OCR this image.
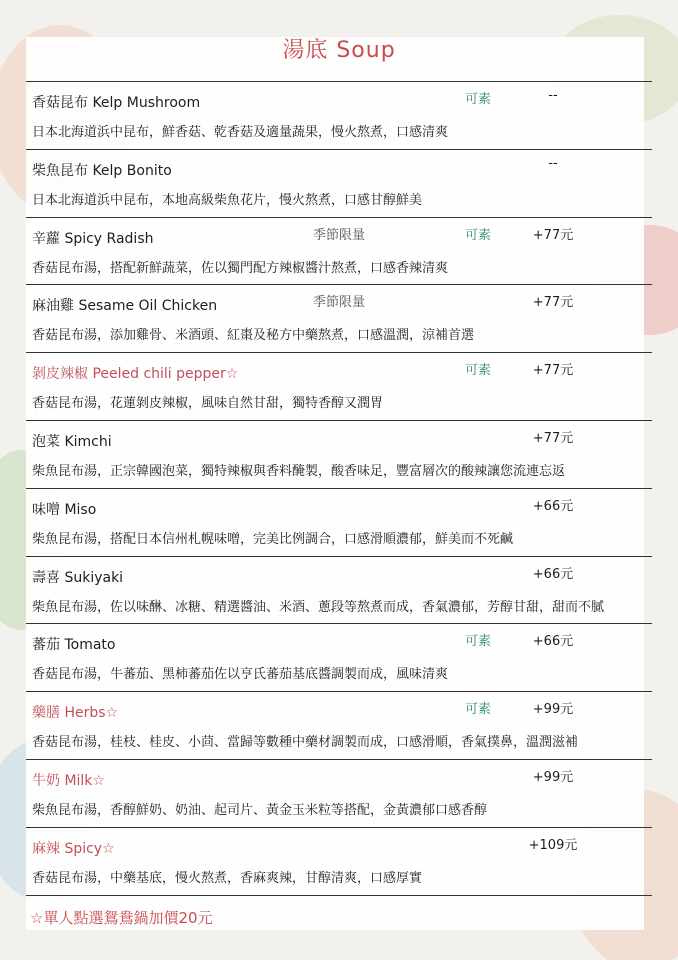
湯底 Soup
香菇昆布 Kelp Mushroom	可素	--
日本北海道浜中昆布，鮮香菇、乾香菇及適量蔬果，慢火熬煮，口感清爽
柴魚昆布 Kelp Bonito	--
日本北海道浜中昆布，本地高級柴魚花片，慢火熬煮，口感甘醇鮮美
辛蘿 Spicy Radish	季節限量	可素	+77元
香菇昆布湯，搭配新鮮蔬菜，佐以獨門配方辣椒醬汁熬煮，口感香辣清爽
麻油雞 Sesame Oil Chicken	季節限量	+77元
香菇昆布湯，添加雞骨、米酒頭、紅棗及秘方中藥熬煮，口感溫潤，涼補首選
剝皮辣椒 Peeled chili pepper☆	可素	+77元
香菇昆布湯，花蓮剝皮辣椒，風味自然甘甜，獨特香醇又潤胃
泡菜 Kimchi	+77元
柴魚昆布湯，正宗韓國泡菜，獨特辣椒與香料醃製，酸香味足，豐富層次的酸辣讓您流連忘返
味噌 Miso	+66元
柴魚昆布湯，搭配日本信州札幌味噌，完美比例調合，口感滑順濃郁，鮮美而不死鹹
壽喜 Sukiyaki	+66元
柴魚昆布湯，佐以味醂、冰糖、精選醬油、米酒、蔥段等熬煮而成，香氣濃郁，芳醇甘甜，甜而不膩
蕃茄 Tomato	可素	+66元
香菇昆布湯，牛蕃茄、黑柿蕃茄佐以亨氏蕃茄基底醬調製而成，風味清爽
藥膳 Herbs☆	可素	+99元
香菇昆布湯，桂枝、桂皮、小茴、當歸等數種中藥材調製而成，口感滑順，香氣撲鼻，溫潤滋補
牛奶 Milk☆	+99元
柴魚昆布湯，香醇鮮奶、奶油、起司片、黃金玉米粒等搭配，金黃濃郁口感香醇
麻辣 Spicy☆	+109元
香菇昆布湯，中藥基底，慢火熬煮，香麻爽辣，甘醇清爽，口感厚實
☆單人點選鴛鴦鍋加價20元
